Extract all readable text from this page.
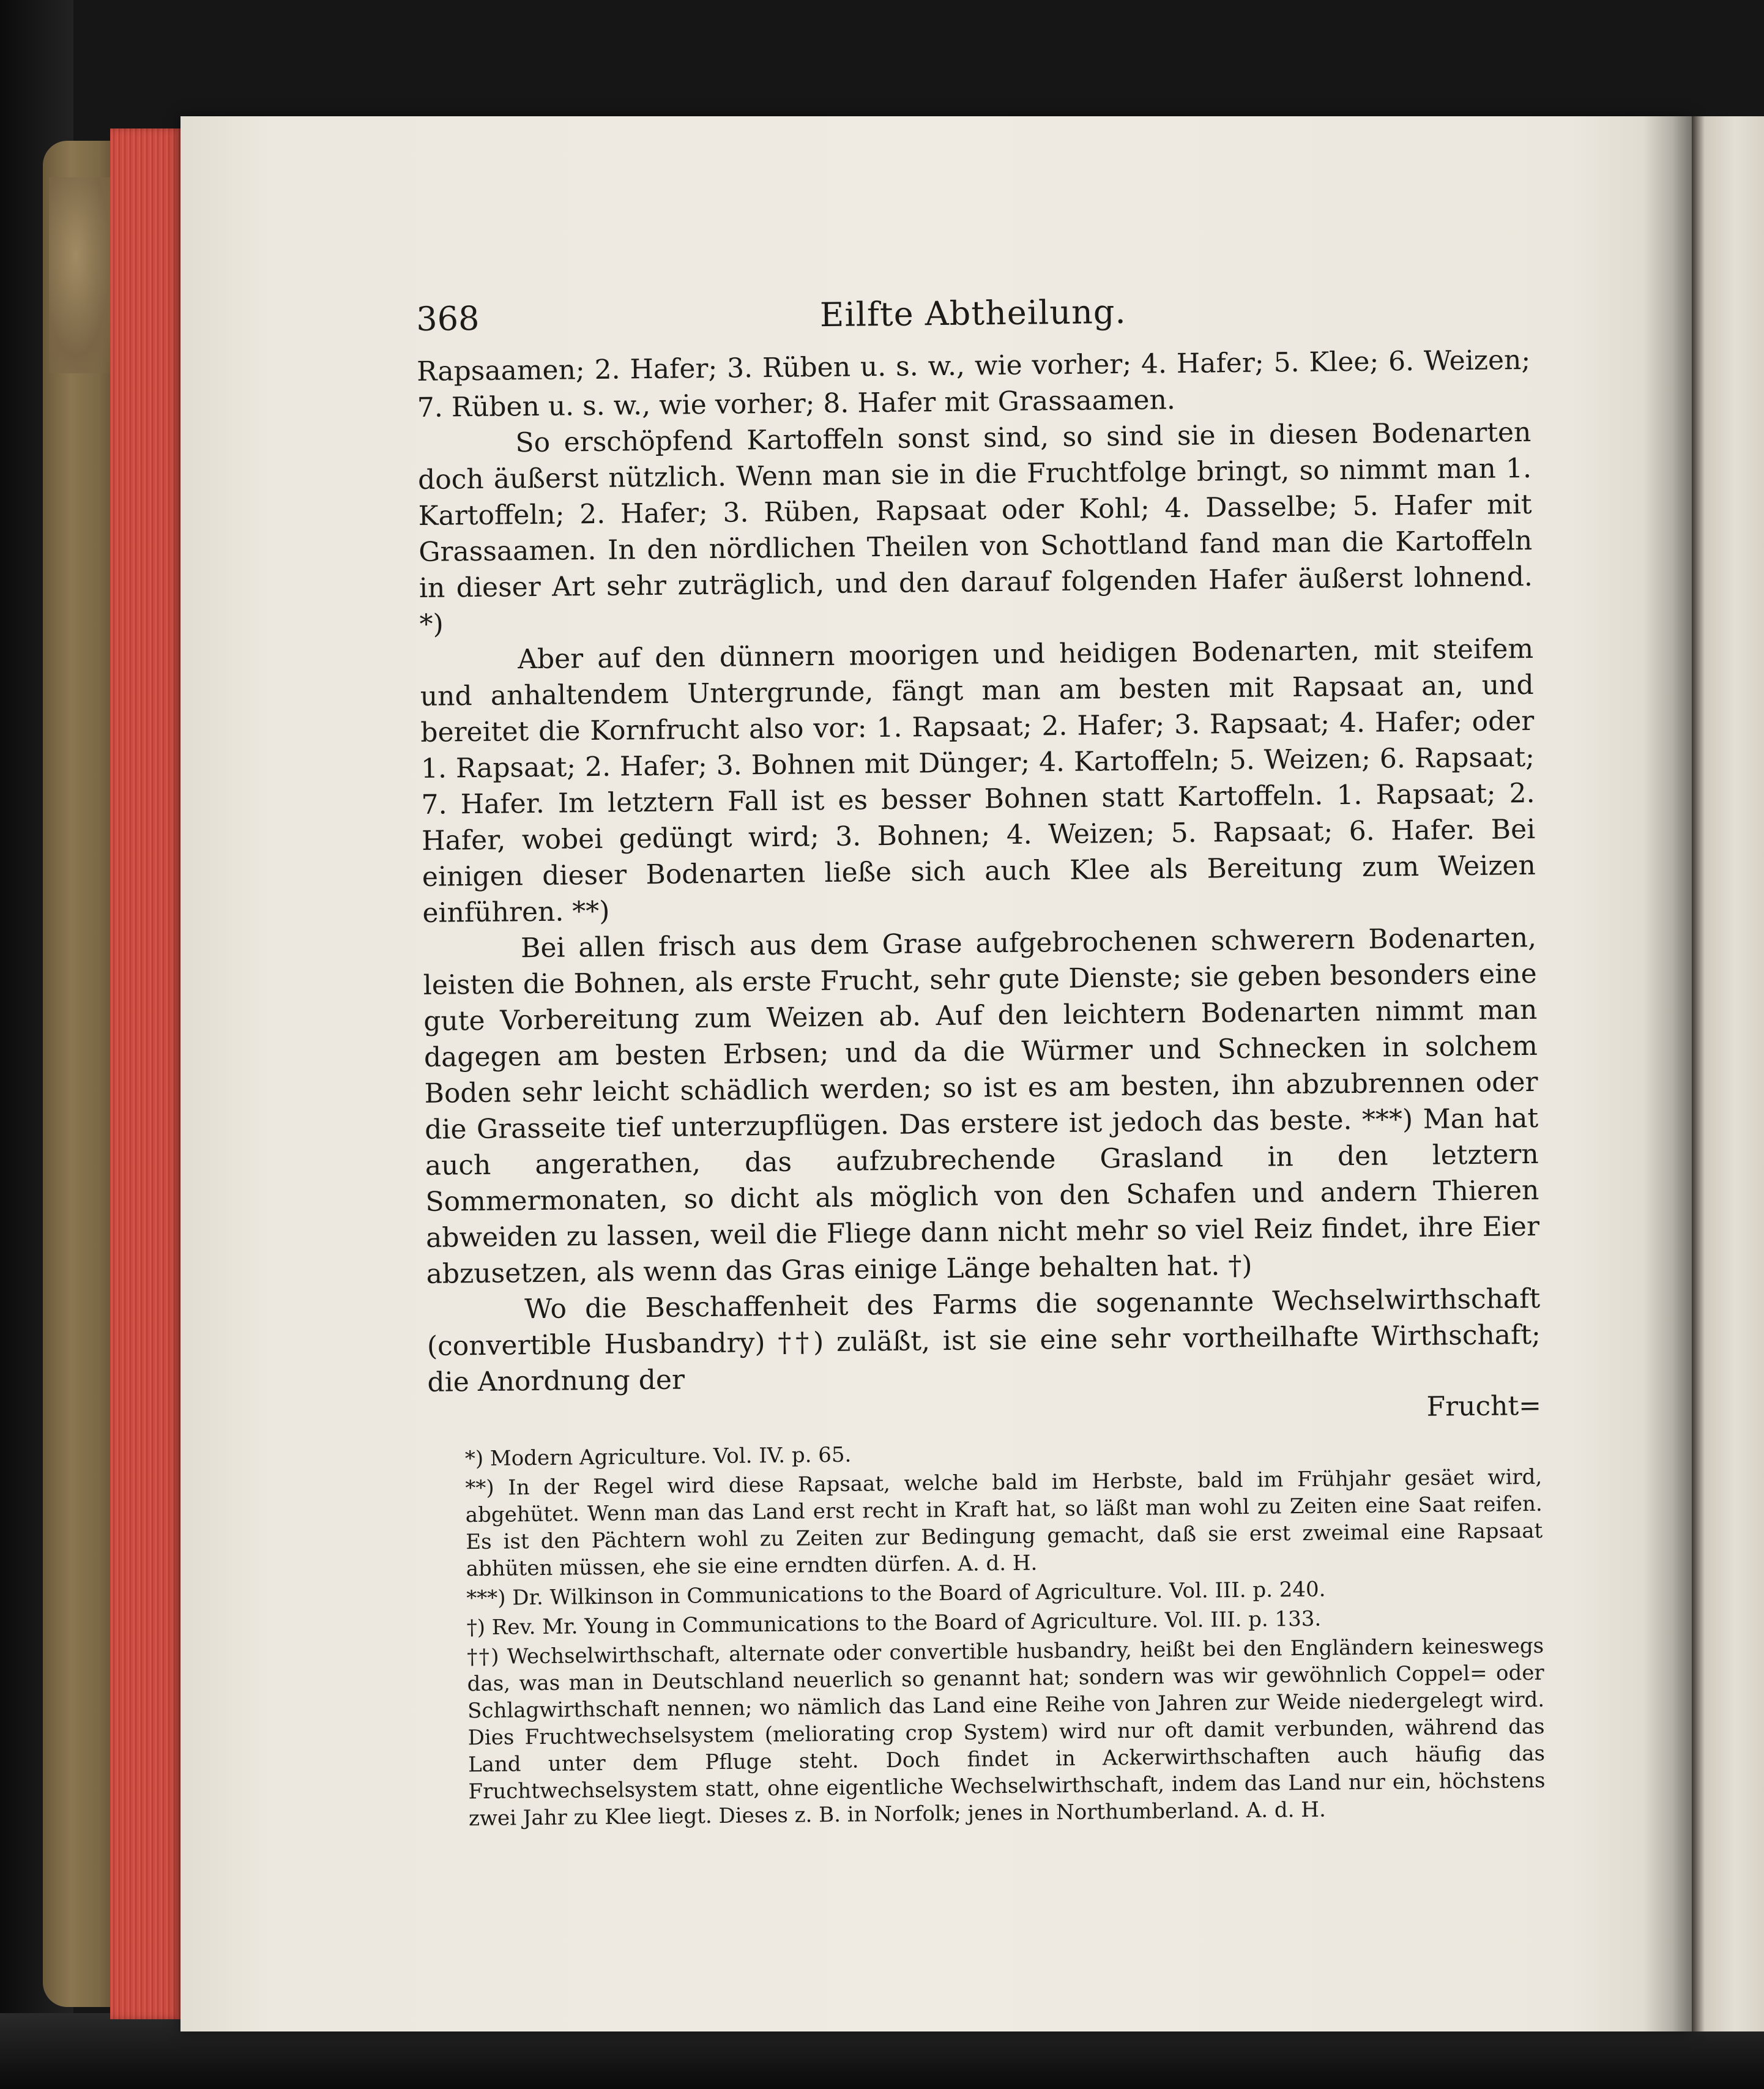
368	Eilfte Abtheilung.

Rapsaamen; 2. Hafer; 3. Rüben u. s. w., wie vorher; 4. Hafer; 5. Klee; 6. Weizen; 7. Rüben u. s. w., wie vorher; 8. Hafer mit Grassaamen.

So erschöpfend Kartoffeln sonst sind, so sind sie in diesen Bodenarten doch äußerst nützlich. Wenn man sie in die Fruchtfolge bringt, so nimmt man 1. Kartoffeln; 2. Hafer; 3. Rüben, Rapsaat oder Kohl; 4. Dasselbe; 5. Hafer mit Grassaamen. In den nördlichen Theilen von Schottland fand man die Kartoffeln in dieser Art sehr zuträglich, und den darauf folgenden Hafer äußerst lohnend. *)

Aber auf den dünnern moorigen und heidigen Bodenarten, mit steifem und anhaltendem Untergrunde, fängt man am besten mit Rapsaat an, und bereitet die Kornfrucht also vor: 1. Rapsaat; 2. Hafer; 3. Rapsaat; 4. Hafer; oder 1. Rapsaat; 2. Hafer; 3. Bohnen mit Dünger; 4. Kartoffeln; 5. Weizen; 6. Rapsaat; 7. Hafer. Im letztern Fall ist es besser Bohnen statt Kartoffeln. 1. Rapsaat; 2. Hafer, wobei gedüngt wird; 3. Bohnen; 4. Weizen; 5. Rapsaat; 6. Hafer. Bei einigen dieser Bodenarten ließe sich auch Klee als Bereitung zum Weizen einführen. **)

Bei allen frisch aus dem Grase aufgebrochenen schwerern Bodenarten, leisten die Bohnen, als erste Frucht, sehr gute Dienste; sie geben besonders eine gute Vorbereitung zum Weizen ab. Auf den leichtern Bodenarten nimmt man dagegen am besten Erbsen; und da die Würmer und Schnecken in solchem Boden sehr leicht schädlich werden; so ist es am besten, ihn abzubrennen oder die Grasseite tief unterzupflügen. Das erstere ist jedoch das beste. ***) Man hat auch angerathen, das aufzubrechende Grasland in den letztern Sommermonaten, so dicht als möglich von den Schafen und andern Thieren abweiden zu lassen, weil die Fliege dann nicht mehr so viel Reiz findet, ihre Eier abzusetzen, als wenn das Gras einige Länge behalten hat. †)

Wo die Beschaffenheit des Farms die sogenannte Wechselwirthschaft (convertible Husbandry) ††) zuläßt, ist sie eine sehr vortheilhafte Wirthschaft; die Anordnung der

Frucht=

*) Modern Agriculture. Vol. IV. p. 65.

**) In der Regel wird diese Rapsaat, welche bald im Herbste, bald im Frühjahr gesäet wird, abgehütet. Wenn man das Land erst recht in Kraft hat, so läßt man wohl zu Zeiten eine Saat reifen. Es ist den Pächtern wohl zu Zeiten zur Bedingung gemacht, daß sie erst zweimal eine Rapsaat abhüten müssen, ehe sie eine erndten dürfen. A. d. H.

***) Dr. Wilkinson in Communications to the Board of Agriculture. Vol. III. p. 240.

†) Rev. Mr. Young in Communications to the Board of Agriculture. Vol. III. p. 133.

††) Wechselwirthschaft, alternate oder convertible husbandry, heißt bei den Engländern keineswegs das, was man in Deutschland neuerlich so genannt hat; sondern was wir gewöhnlich Coppel= oder Schlagwirthschaft nennen; wo nämlich das Land eine Reihe von Jahren zur Weide niedergelegt wird. Dies Fruchtwechselsystem (meliorating crop System) wird nur oft damit verbunden, während das Land unter dem Pfluge steht. Doch findet in Ackerwirthschaften auch häufig das Fruchtwechselsystem statt, ohne eigentliche Wechselwirthschaft, indem das Land nur ein, höchstens zwei Jahr zu Klee liegt. Dieses z. B. in Norfolk; jenes in Northumberland. A. d. H.
